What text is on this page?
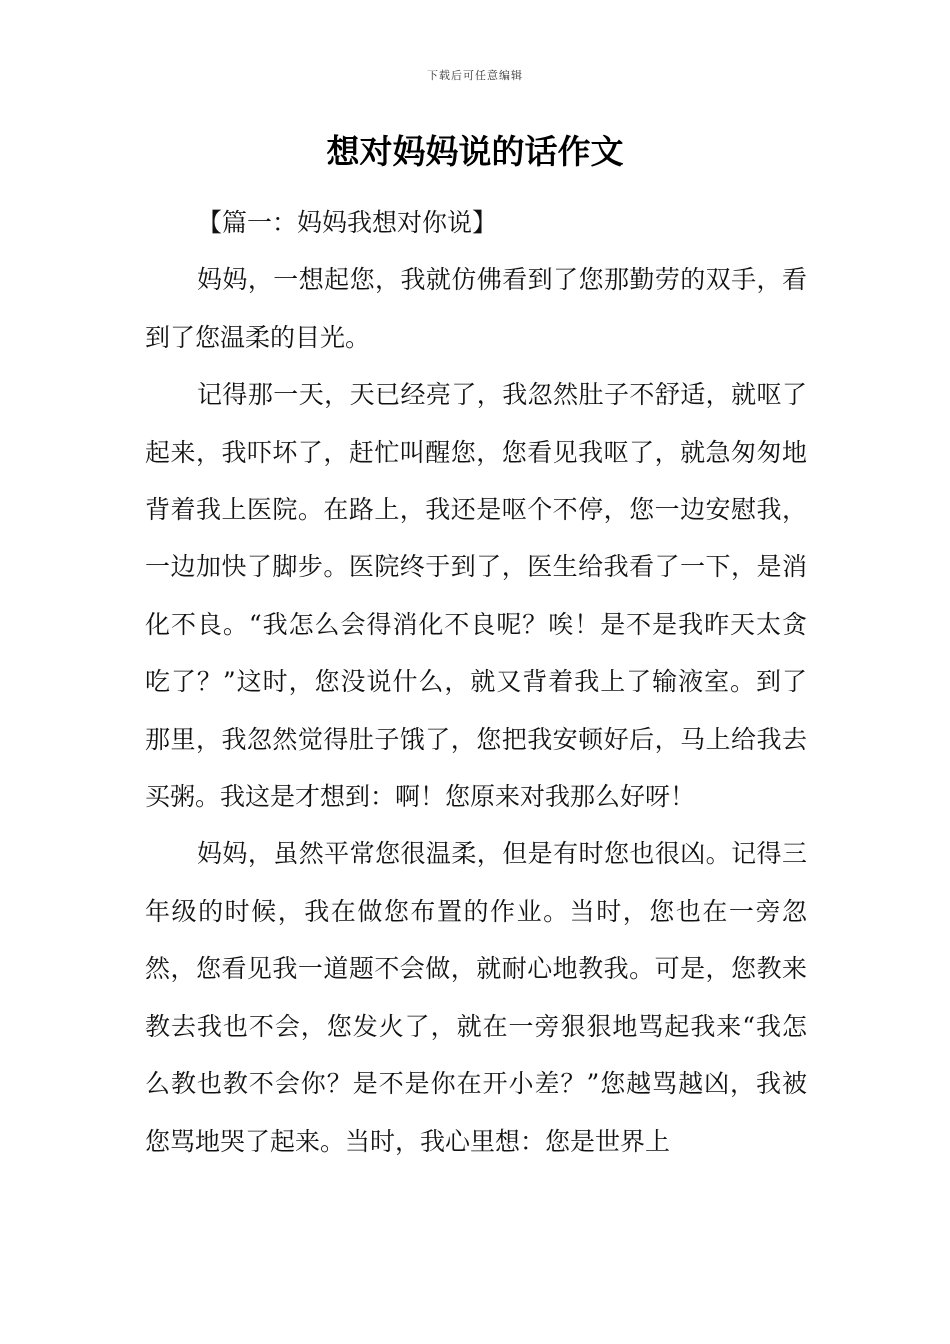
下载后可任意编辑
想对妈妈说的话作文

【篇一：妈妈我想对你说】

妈妈，一想起您，我就仿佛看到了您那勤劳的双手，看到了您温柔的目光。

记得那一天，天已经亮了，我忽然肚子不舒适，就呕了起来，我吓坏了，赶忙叫醒您，您看见我呕了，就急匆匆地背着我上医院。在路上，我还是呕个不停，您一边安慰我，一边加快了脚步。医院终于到了，医生给我看了一下，是消化不良。“我怎么会得消化不良呢？唉！是不是我昨天太贪吃了？”这时，您没说什么，就又背着我上了输液室。到了那里，我忽然觉得肚子饿了，您把我安顿好后，马上给我去买粥。我这是才想到：啊！您原来对我那么好呀！

妈妈，虽然平常您很温柔，但是有时您也很凶。记得三年级的时候，我在做您布置的作业。当时，您也在一旁忽然，您看见我一道题不会做，就耐心地教我。可是，您教来教去我也不会，您发火了，就在一旁狠狠地骂起我来“我怎么教也教不会你？是不是你在开小差？”您越骂越凶，我被您骂地哭了起来。当时，我心里想：您是世界上
